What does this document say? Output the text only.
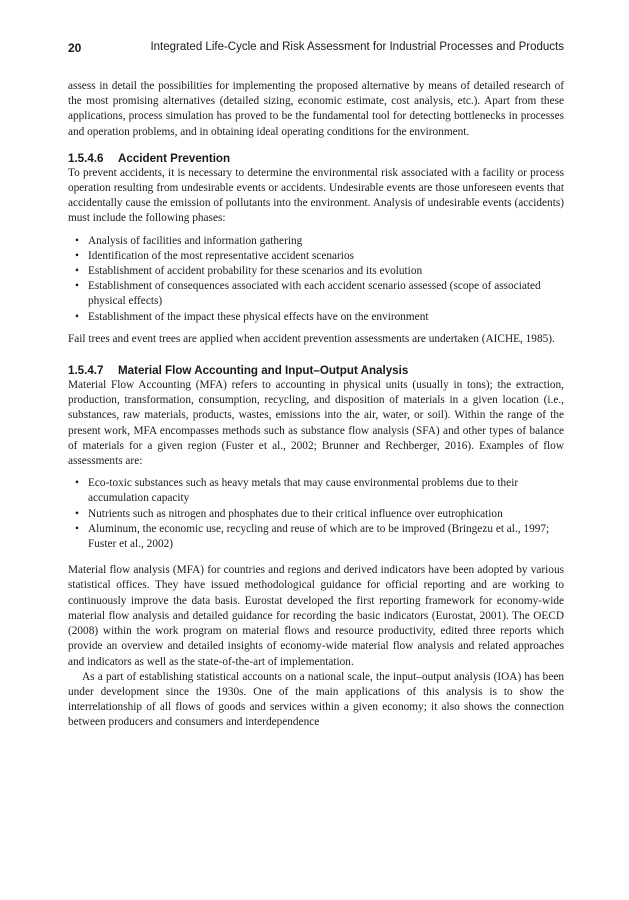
20	Integrated Life-Cycle and Risk Assessment for Industrial Processes and Products

assess in detail the possibilities for implementing the proposed alternative by means of detailed research of the most promising alternatives (detailed sizing, economic estimate, cost analysis, etc.). Apart from these applications, process simulation has proved to be the fundamental tool for detecting bottlenecks in processes and operation problems, and in obtaining ideal operating conditions for the environment.

1.5.4.6 Accident Prevention

To prevent accidents, it is necessary to determine the environmental risk associated with a facility or process operation resulting from undesirable events or accidents. Undesirable events are those unforeseen events that accidentally cause the emission of pollutants into the environment. Analysis of undesirable events (accidents) must include the following phases:

• Analysis of facilities and information gathering
• Identification of the most representative accident scenarios
• Establishment of accident probability for these scenarios and its evolution
• Establishment of consequences associated with each accident scenario assessed (scope of associated physical effects)
• Establishment of the impact these physical effects have on the environment

Fail trees and event trees are applied when accident prevention assessments are undertaken (AICHE, 1985).

1.5.4.7 Material Flow Accounting and Input–Output Analysis

Material Flow Accounting (MFA) refers to accounting in physical units (usually in tons); the extraction, production, transformation, consumption, recycling, and disposition of materials in a given location (i.e., substances, raw materials, products, wastes, emissions into the air, water, or soil). Within the range of the present work, MFA encompasses methods such as substance flow analysis (SFA) and other types of balance of materials for a given region (Fuster et al., 2002; Brunner and Rechberger, 2016). Examples of flow assessments are:

• Eco-toxic substances such as heavy metals that may cause environmental problems due to their accumulation capacity
• Nutrients such as nitrogen and phosphates due to their critical influence over eutrophication
• Aluminum, the economic use, recycling and reuse of which are to be improved (Bringezu et al., 1997; Fuster et al., 2002)

Material flow analysis (MFA) for countries and regions and derived indicators have been adopted by various statistical offices. They have issued methodological guidance for official reporting and are working to continuously improve the data basis. Eurostat developed the first reporting framework for economy-wide material flow analysis and detailed guidance for recording the basic indicators (Eurostat, 2001). The OECD (2008) within the work program on material flows and resource productivity, edited three reports which provide an overview and detailed insights of economy-wide material flow analysis and related approaches and indicators as well as the state-of-the-art of implementation.

As a part of establishing statistical accounts on a national scale, the input–output analysis (IOA) has been under development since the 1930s. One of the main applications of this analysis is to show the interrelationship of all flows of goods and services within a given economy; it also shows the connection between producers and consumers and interdependence
